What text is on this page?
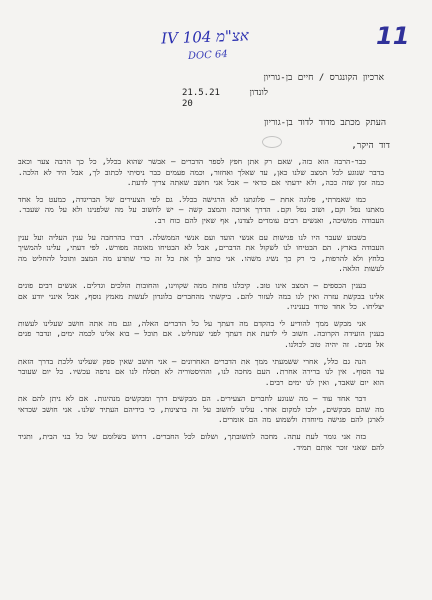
אצ"מ 104 IV
DOC 64
11
ארכיון הקונגרס / חיים בן-גוריון
21.5.21	לונדון
20
העתק מכתב מדוד לדוד בן-גוריון
דוד היקר,

כבר-הרבה הוא כזה, שאם רק אתן חפץ לספר הדברים — אבשר שהוא בכלל, כל כך הרבה צער וכאב בדבר שנוגע לכל המצב שלנו כאן, עד שאלך ואחזור, וכמה פעמים כבר ניסיתי לכתוב לך, אבל היד לא הלכה. כמה זמן שזה ככה, ולא ידעתי אם כדאי — אבל אני חושב שאתה צריך לדעת.

כמו שאמרתי, פלוגה אחת — פלוגתנו לא הרגישה בכלל. גם לפי הצעירים של הבריגדה, כמעט כל אחד מאתנו נפל וקם, ושוב נפל וקם. הדרך ארוכה והמצב קשה — יש לחשוב על מה שלפנינו ולא על מה שעבר. העבודה ממשיכה, ואנשים רבים עומדים לצדנו, אף שאין להם כוח רב.

בשבוע שעבר היו לנו פגישות עם אנשי הועד ועם אנשי הממשלה. דברו בהרחבה על ענין העליה ועל ענין העבודה בארץ. הם הבטיחו לנו לשקול את הדברים, אבל לא הבטיחו מאומה מפורש. לפי דעתי, עלינו להמשיך בלחץ ולא להרפות, כי רק כך נשיג משהו. אני כותב לך את כל זה כדי שתדע מה המצב ותוכל להחליט מה לעשות הלאה.

בענין הכספים — המצב אינו טוב. קיבלנו פחות ממה שקווינו, והחובות הולכים וגדלים. אנשים רבים פונים אלינו בבקשת עזרה ואין לנו במה לעזור להם. ביקשתי מהחברים בלונדון לעשות מאמץ נוסף, אבל אינני יודע אם יצליחו. כל אחד טרוד בעניניו.

אני מבקש ממך להודיע לי בהקדם מה דעתך על כל הדברים האלה, וגם מה אתה חושב שעלינו לעשות בענין הועידה הקרובה. חשוב לי לדעת את דעתך לפני שנחליט. אם תוכל — בוא אלינו לכמה ימים, ונדבר פנים אל פנים. זה יהיה טוב לכולנו.

הנה גם כלל, אחרי ששמעתי ממך את הדברים האחרונים — אני חושב שאין ספק שעלינו ללכת בדרך הזאת עד הסוף. אין לנו ברירה אחרת. העם מחכה לנו, וההיסטוריה לא תסלח לנו אם נרפה עכשיו. כל יום שעובר הוא יום שאבד, ואין לנו ימים רבים.

דבר אחד עוד — מה שנוגע לחברים הצעירים. הם מבקשים דרך ומבקשים מנהיגות. אם לא ניתן להם את מה שהם מבקשים, ילכו למקום אחר. עלינו לחשוב על זה ברצינות, כי בידיהם העתיד שלנו. אני חושב שכדאי לארגן להם פגישה מיוחדת ולשמוע מה הם אומרים.

בזה אני גומר לעת עתה. מחכה לתשובתך, ושלום לכל החברים. דרוש בשלומם של כל בני הבית, ותגיד להם שאני זוכר אותם תמיד.
